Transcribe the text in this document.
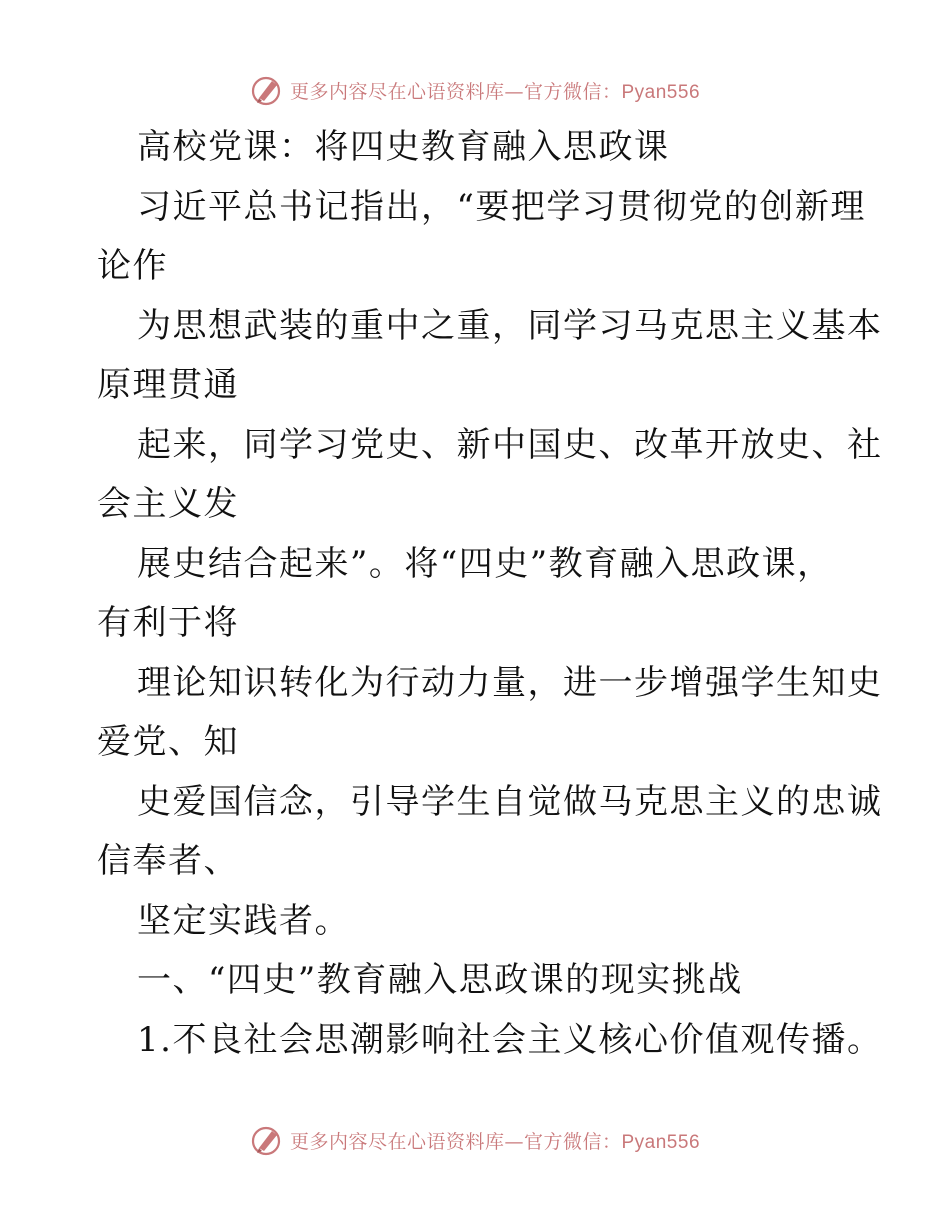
更多内容尽在心语资料库—官方微信：Pyan556
高校党课：将四史教育融入思政课
习近平总书记指出，“要把学习贯彻党的创新理
论作
为思想武装的重中之重，同学习马克思主义基本
原理贯通
起来，同学习党史、新中国史、改革开放史、社
会主义发
展史结合起来”。将“四史”教育融入思政课，
有利于将
理论知识转化为行动力量，进一步增强学生知史
爱党、知
史爱国信念，引导学生自觉做马克思主义的忠诚
信奉者、
坚定实践者。
一、“四史”教育融入思政课的现实挑战
1.不良社会思潮影响社会主义核心价值观传播。
更多内容尽在心语资料库—官方微信：Pyan556
